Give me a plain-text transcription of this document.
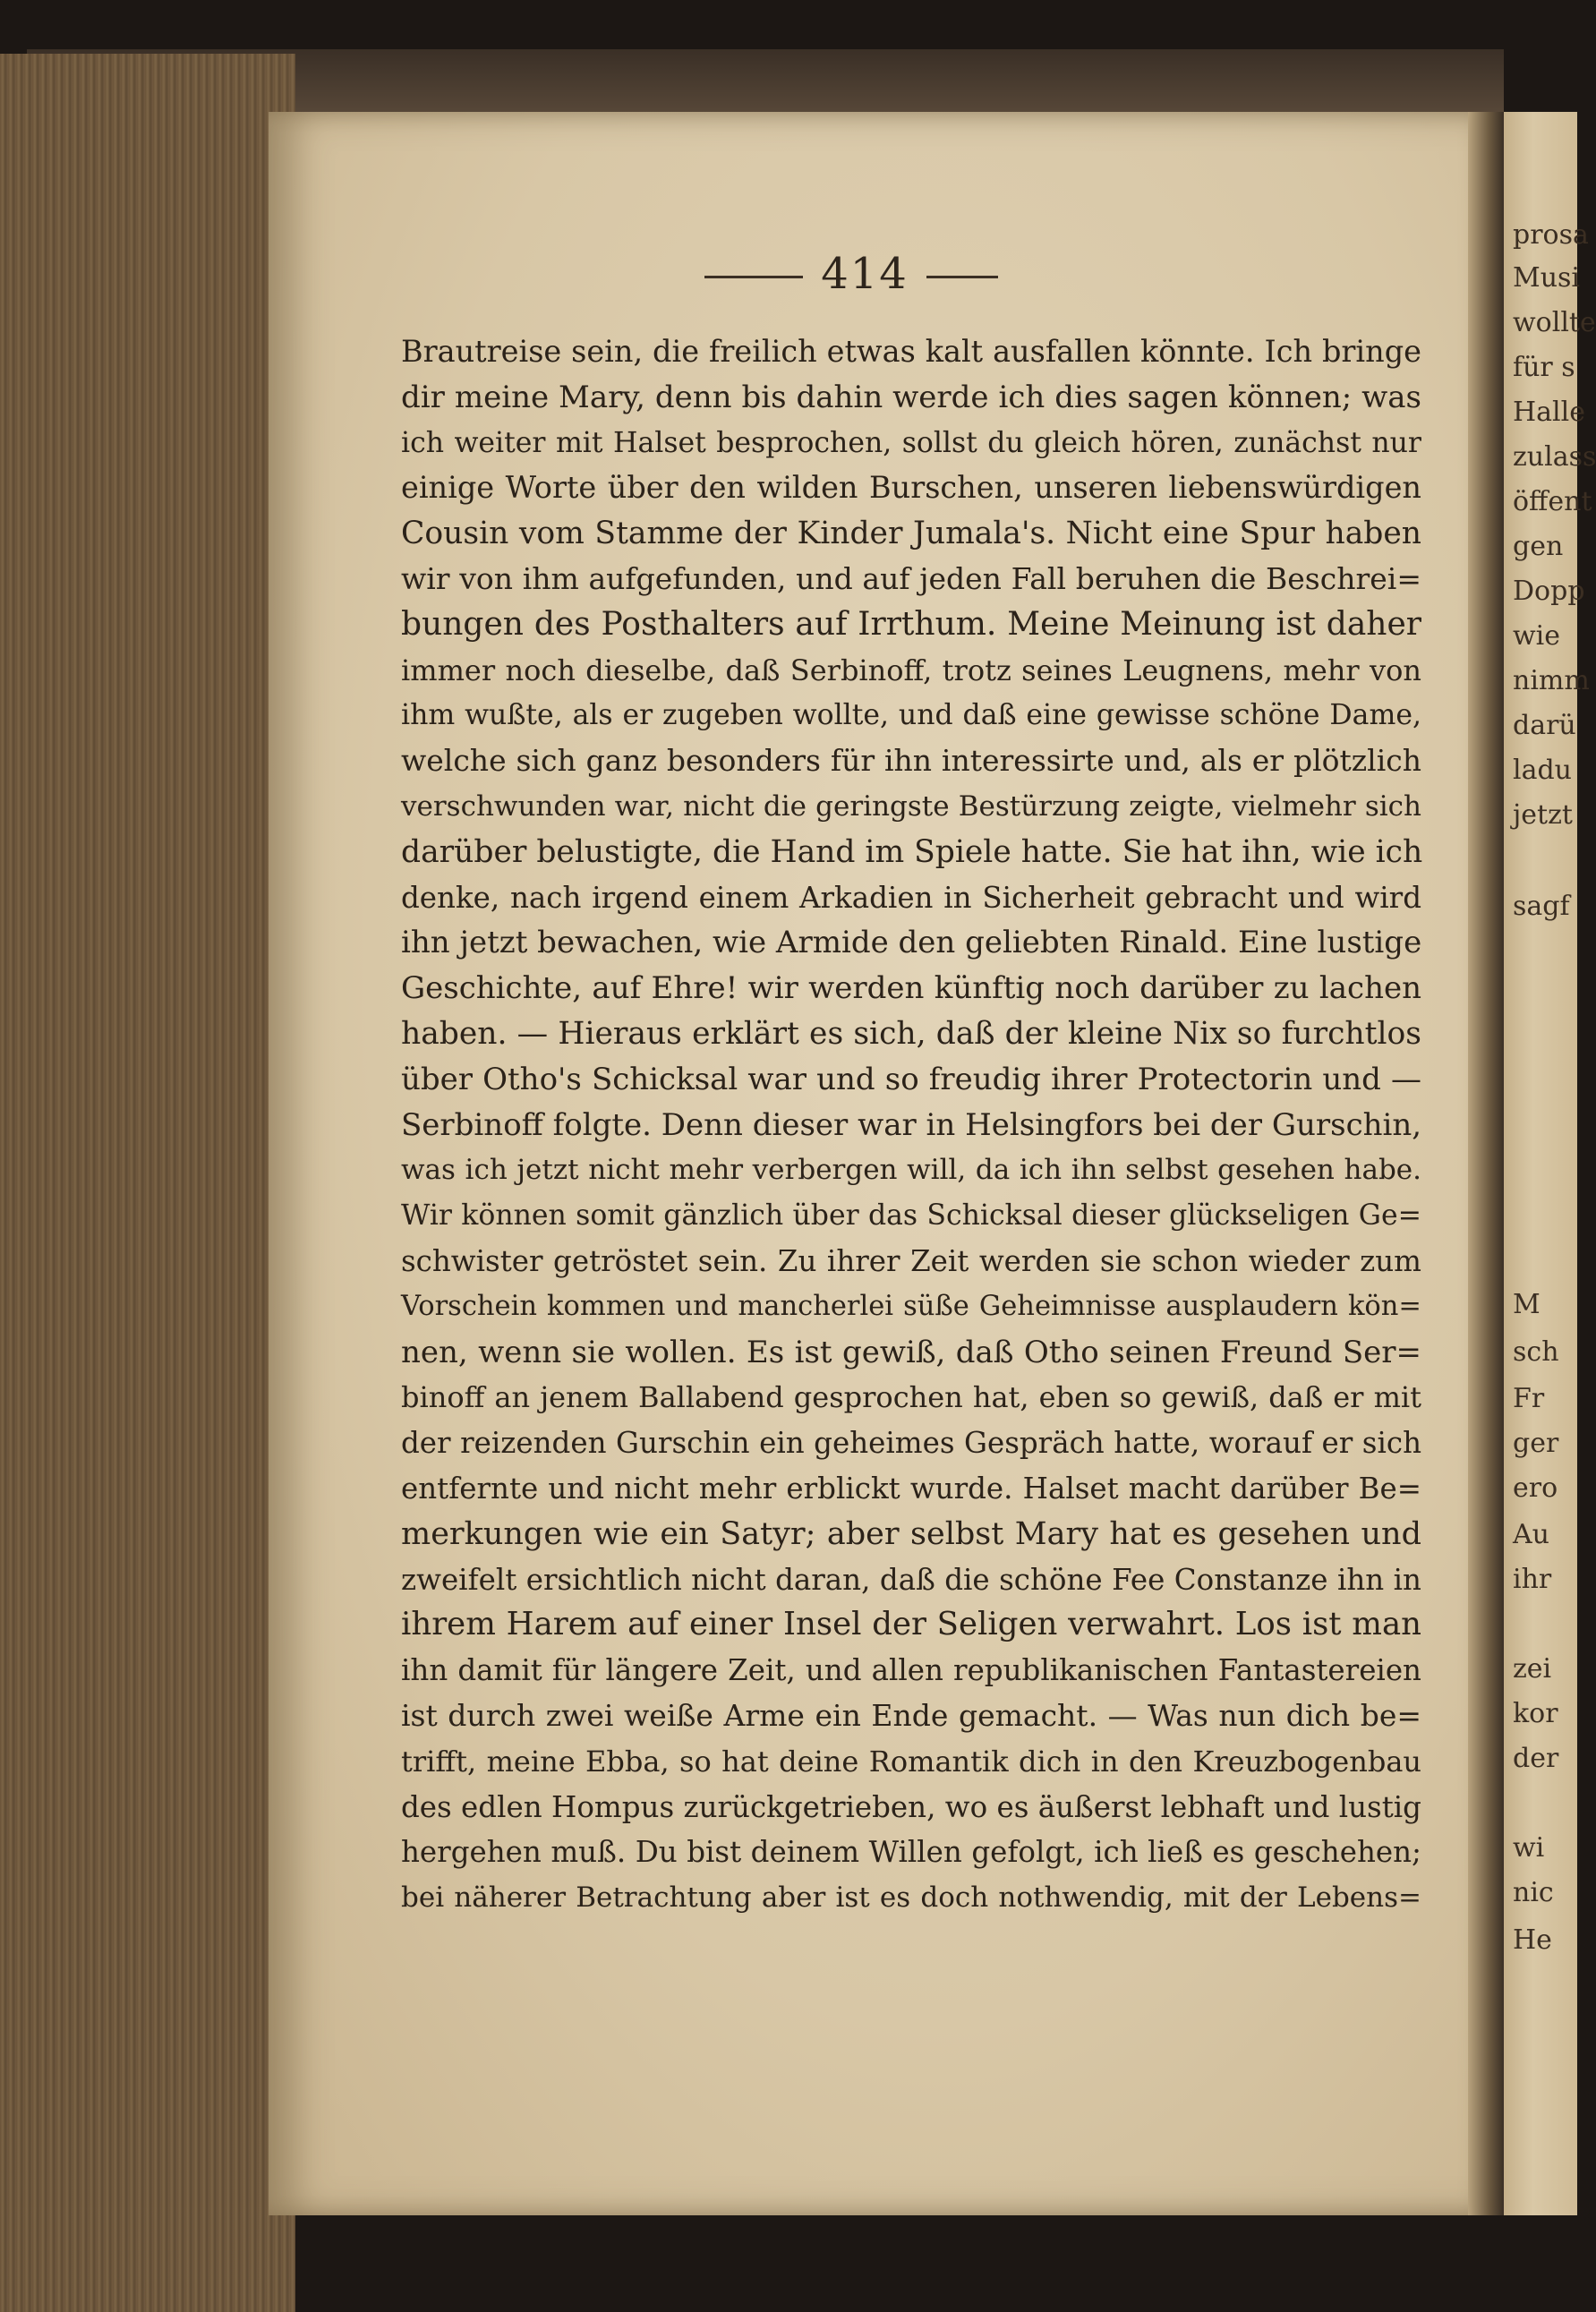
prosa
Musi
wollte
für s
Halle
zulass
öffent
gen
Dopp
wie
nimm
darü
ladu
jetzt
sagf
M
sch
Fr
ger
ero
Au
ihr
zei
kor
der
wi
nic
He
414
Brautreise sein, die freilich etwas kalt ausfallen könnte. Ich bringe
dir meine Mary, denn bis dahin werde ich dies sagen können; was
ich weiter mit Halset besprochen, sollst du gleich hören, zunächst nur
einige Worte über den wilden Burschen, unseren liebenswürdigen
Cousin vom Stamme der Kinder Jumala's. Nicht eine Spur haben
wir von ihm aufgefunden, und auf jeden Fall beruhen die Beschrei=
bungen des Posthalters auf Irrthum. Meine Meinung ist daher
immer noch dieselbe, daß Serbinoff, trotz seines Leugnens, mehr von
ihm wußte, als er zugeben wollte, und daß eine gewisse schöne Dame,
welche sich ganz besonders für ihn interessirte und, als er plötzlich
verschwunden war, nicht die geringste Bestürzung zeigte, vielmehr sich
darüber belustigte, die Hand im Spiele hatte. Sie hat ihn, wie ich
denke, nach irgend einem Arkadien in Sicherheit gebracht und wird
ihn jetzt bewachen, wie Armide den geliebten Rinald. Eine lustige
Geschichte, auf Ehre! wir werden künftig noch darüber zu lachen
haben. — Hieraus erklärt es sich, daß der kleine Nix so furchtlos
über Otho's Schicksal war und so freudig ihrer Protectorin und —
Serbinoff folgte. Denn dieser war in Helsingfors bei der Gurschin,
was ich jetzt nicht mehr verbergen will, da ich ihn selbst gesehen habe.
Wir können somit gänzlich über das Schicksal dieser glückseligen Ge=
schwister getröstet sein. Zu ihrer Zeit werden sie schon wieder zum
Vorschein kommen und mancherlei süße Geheimnisse ausplaudern kön=
nen, wenn sie wollen. Es ist gewiß, daß Otho seinen Freund Ser=
binoff an jenem Ballabend gesprochen hat, eben so gewiß, daß er mit
der reizenden Gurschin ein geheimes Gespräch hatte, worauf er sich
entfernte und nicht mehr erblickt wurde. Halset macht darüber Be=
merkungen wie ein Satyr; aber selbst Mary hat es gesehen und
zweifelt ersichtlich nicht daran, daß die schöne Fee Constanze ihn in
ihrem Harem auf einer Insel der Seligen verwahrt. Los ist man
ihn damit für längere Zeit, und allen republikanischen Fantastereien
ist durch zwei weiße Arme ein Ende gemacht. — Was nun dich be=
trifft, meine Ebba, so hat deine Romantik dich in den Kreuzbogenbau
des edlen Hompus zurückgetrieben, wo es äußerst lebhaft und lustig
hergehen muß. Du bist deinem Willen gefolgt, ich ließ es geschehen;
bei näherer Betrachtung aber ist es doch nothwendig, mit der Lebens=
